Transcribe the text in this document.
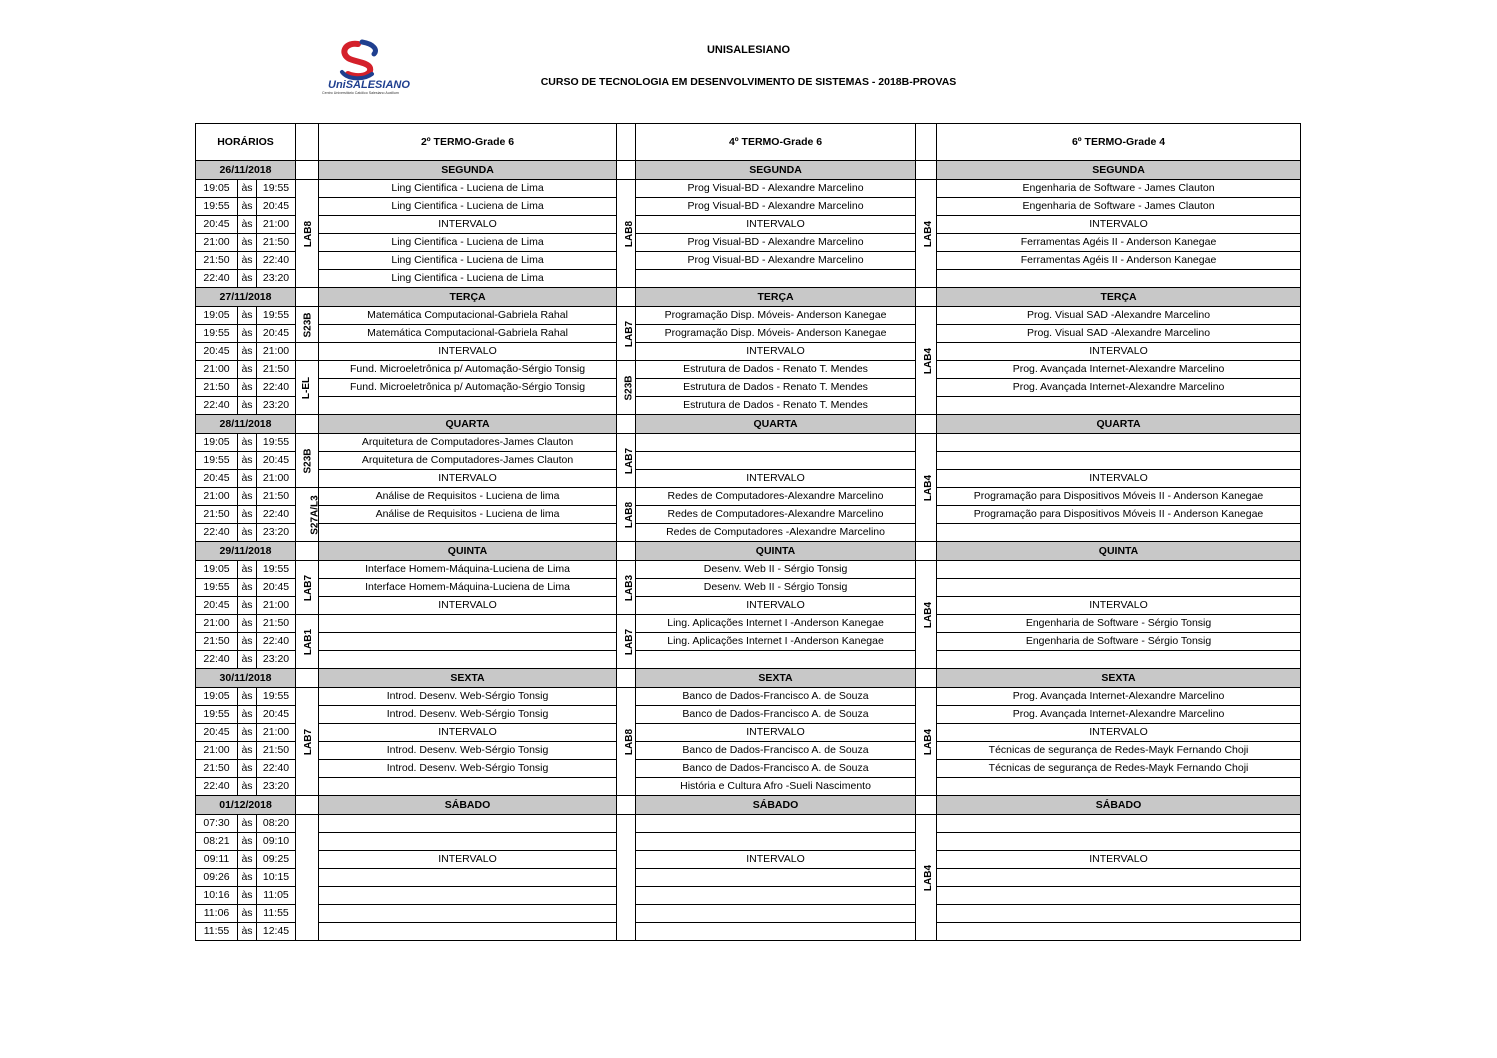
UniSALESIANO
Centro Universitário Católico Salesiano Auxilium
UNISALESIANO
CURSO DE TECNOLOGIA EM DESENVOLVIMENTO DE SISTEMAS - 2018B-PROVAS
HORÁRIOS				2º TERMO-Grade 6		4º TERMO-Grade 6		6º TERMO-Grade 4
26/11/2018				SEGUNDA		SEGUNDA		SEGUNDA
19:05	às	19:55	LAB8	Ling Cientifica - Luciena de Lima	LAB8	Prog Visual-BD - Alexandre Marcelino	LAB4	Engenharia de Software - James Clauton
19:55	às	20:45		Ling Cientifica - Luciena de Lima		Prog Visual-BD - Alexandre Marcelino		Engenharia de Software - James Clauton
20:45	às	21:00		INTERVALO		INTERVALO		INTERVALO
21:00	às	21:50		Ling Cientifica - Luciena de Lima		Prog Visual-BD - Alexandre Marcelino		Ferramentas Agéis II - Anderson Kanegae
21:50	às	22:40		Ling Cientifica - Luciena de Lima		Prog Visual-BD - Alexandre Marcelino		Ferramentas Agéis II - Anderson Kanegae
22:40	às	23:20		Ling Cientifica - Luciena de Lima				
27/11/2018				TERÇA		TERÇA		TERÇA
19:05	às	19:55	S23B	Matemática Computacional-Gabriela Rahal	LAB7	Programação Disp. Móveis- Anderson Kanegae	LAB4	Prog. Visual SAD -Alexandre Marcelino
19:55	às	20:45		Matemática Computacional-Gabriela Rahal		Programação Disp. Móveis- Anderson Kanegae		Prog. Visual SAD -Alexandre Marcelino
20:45	às	21:00		INTERVALO		INTERVALO		INTERVALO
21:00	às	21:50	L-EL	Fund. Microeletrônica p/ Automação-Sérgio Tonsig	S23B	Estrutura de Dados - Renato T. Mendes		Prog. Avançada Internet-Alexandre Marcelino
21:50	às	22:40		Fund. Microeletrônica p/ Automação-Sérgio Tonsig		Estrutura de Dados - Renato T. Mendes		Prog. Avançada Internet-Alexandre Marcelino
22:40	às	23:20				Estrutura de Dados - Renato T. Mendes		
28/11/2018				QUARTA		QUARTA		QUARTA
19:05	às	19:55	S23B	Arquitetura de Computadores-James Clauton	LAB7		LAB4	
19:55	às	20:45		Arquitetura de Computadores-James Clauton				
20:45	às	21:00		INTERVALO		INTERVALO		INTERVALO
21:00	às	21:50	S27A/L3	Análise de Requisitos - Luciena de lima	LAB8	Redes de Computadores-Alexandre Marcelino		Programação para Dispositivos Móveis II - Anderson Kanegae
21:50	às	22:40		Análise de Requisitos - Luciena de lima		Redes de Computadores-Alexandre Marcelino		Programação para Dispositivos Móveis II - Anderson Kanegae
22:40	às	23:20				Redes de Computadores -Alexandre Marcelino		
29/11/2018				QUINTA		QUINTA		QUINTA
19:05	às	19:55	LAB7	Interface Homem-Máquina-Luciena de Lima	LAB3	Desenv. Web II - Sérgio Tonsig	LAB4	
19:55	às	20:45		Interface Homem-Máquina-Luciena de Lima		Desenv. Web II - Sérgio Tonsig		
20:45	às	21:00		INTERVALO		INTERVALO		INTERVALO
21:00	às	21:50	LAB1		LAB7	Ling. Aplicações Internet I -Anderson Kanegae		Engenharia de Software - Sérgio Tonsig
21:50	às	22:40				Ling. Aplicações Internet I -Anderson Kanegae		Engenharia de Software - Sérgio Tonsig
22:40	às	23:20						
30/11/2018				SEXTA		SEXTA		SEXTA
19:05	às	19:55	LAB7	Introd. Desenv. Web-Sérgio Tonsig	LAB8	Banco de Dados-Francisco A. de Souza	LAB4	Prog. Avançada Internet-Alexandre Marcelino
19:55	às	20:45		Introd. Desenv. Web-Sérgio Tonsig		Banco de Dados-Francisco A. de Souza		Prog. Avançada Internet-Alexandre Marcelino
20:45	às	21:00		INTERVALO		INTERVALO		INTERVALO
21:00	às	21:50		Introd. Desenv. Web-Sérgio Tonsig		Banco de Dados-Francisco A. de Souza		Técnicas de segurança de Redes-Mayk Fernando Choji
21:50	às	22:40		Introd. Desenv. Web-Sérgio Tonsig		Banco de Dados-Francisco A. de Souza		Técnicas de segurança de Redes-Mayk Fernando Choji
22:40	às	23:20				História e Cultura Afro -Sueli Nascimento		
01/12/2018				SÁBADO		SÁBADO		SÁBADO
07:30	às	08:20					LAB4	
08:21	às	09:10						
09:11	às	09:25		INTERVALO		INTERVALO		INTERVALO
09:26	às	10:15						
10:16	às	11:05						
11:06	às	11:55						
11:55	às	12:45						
